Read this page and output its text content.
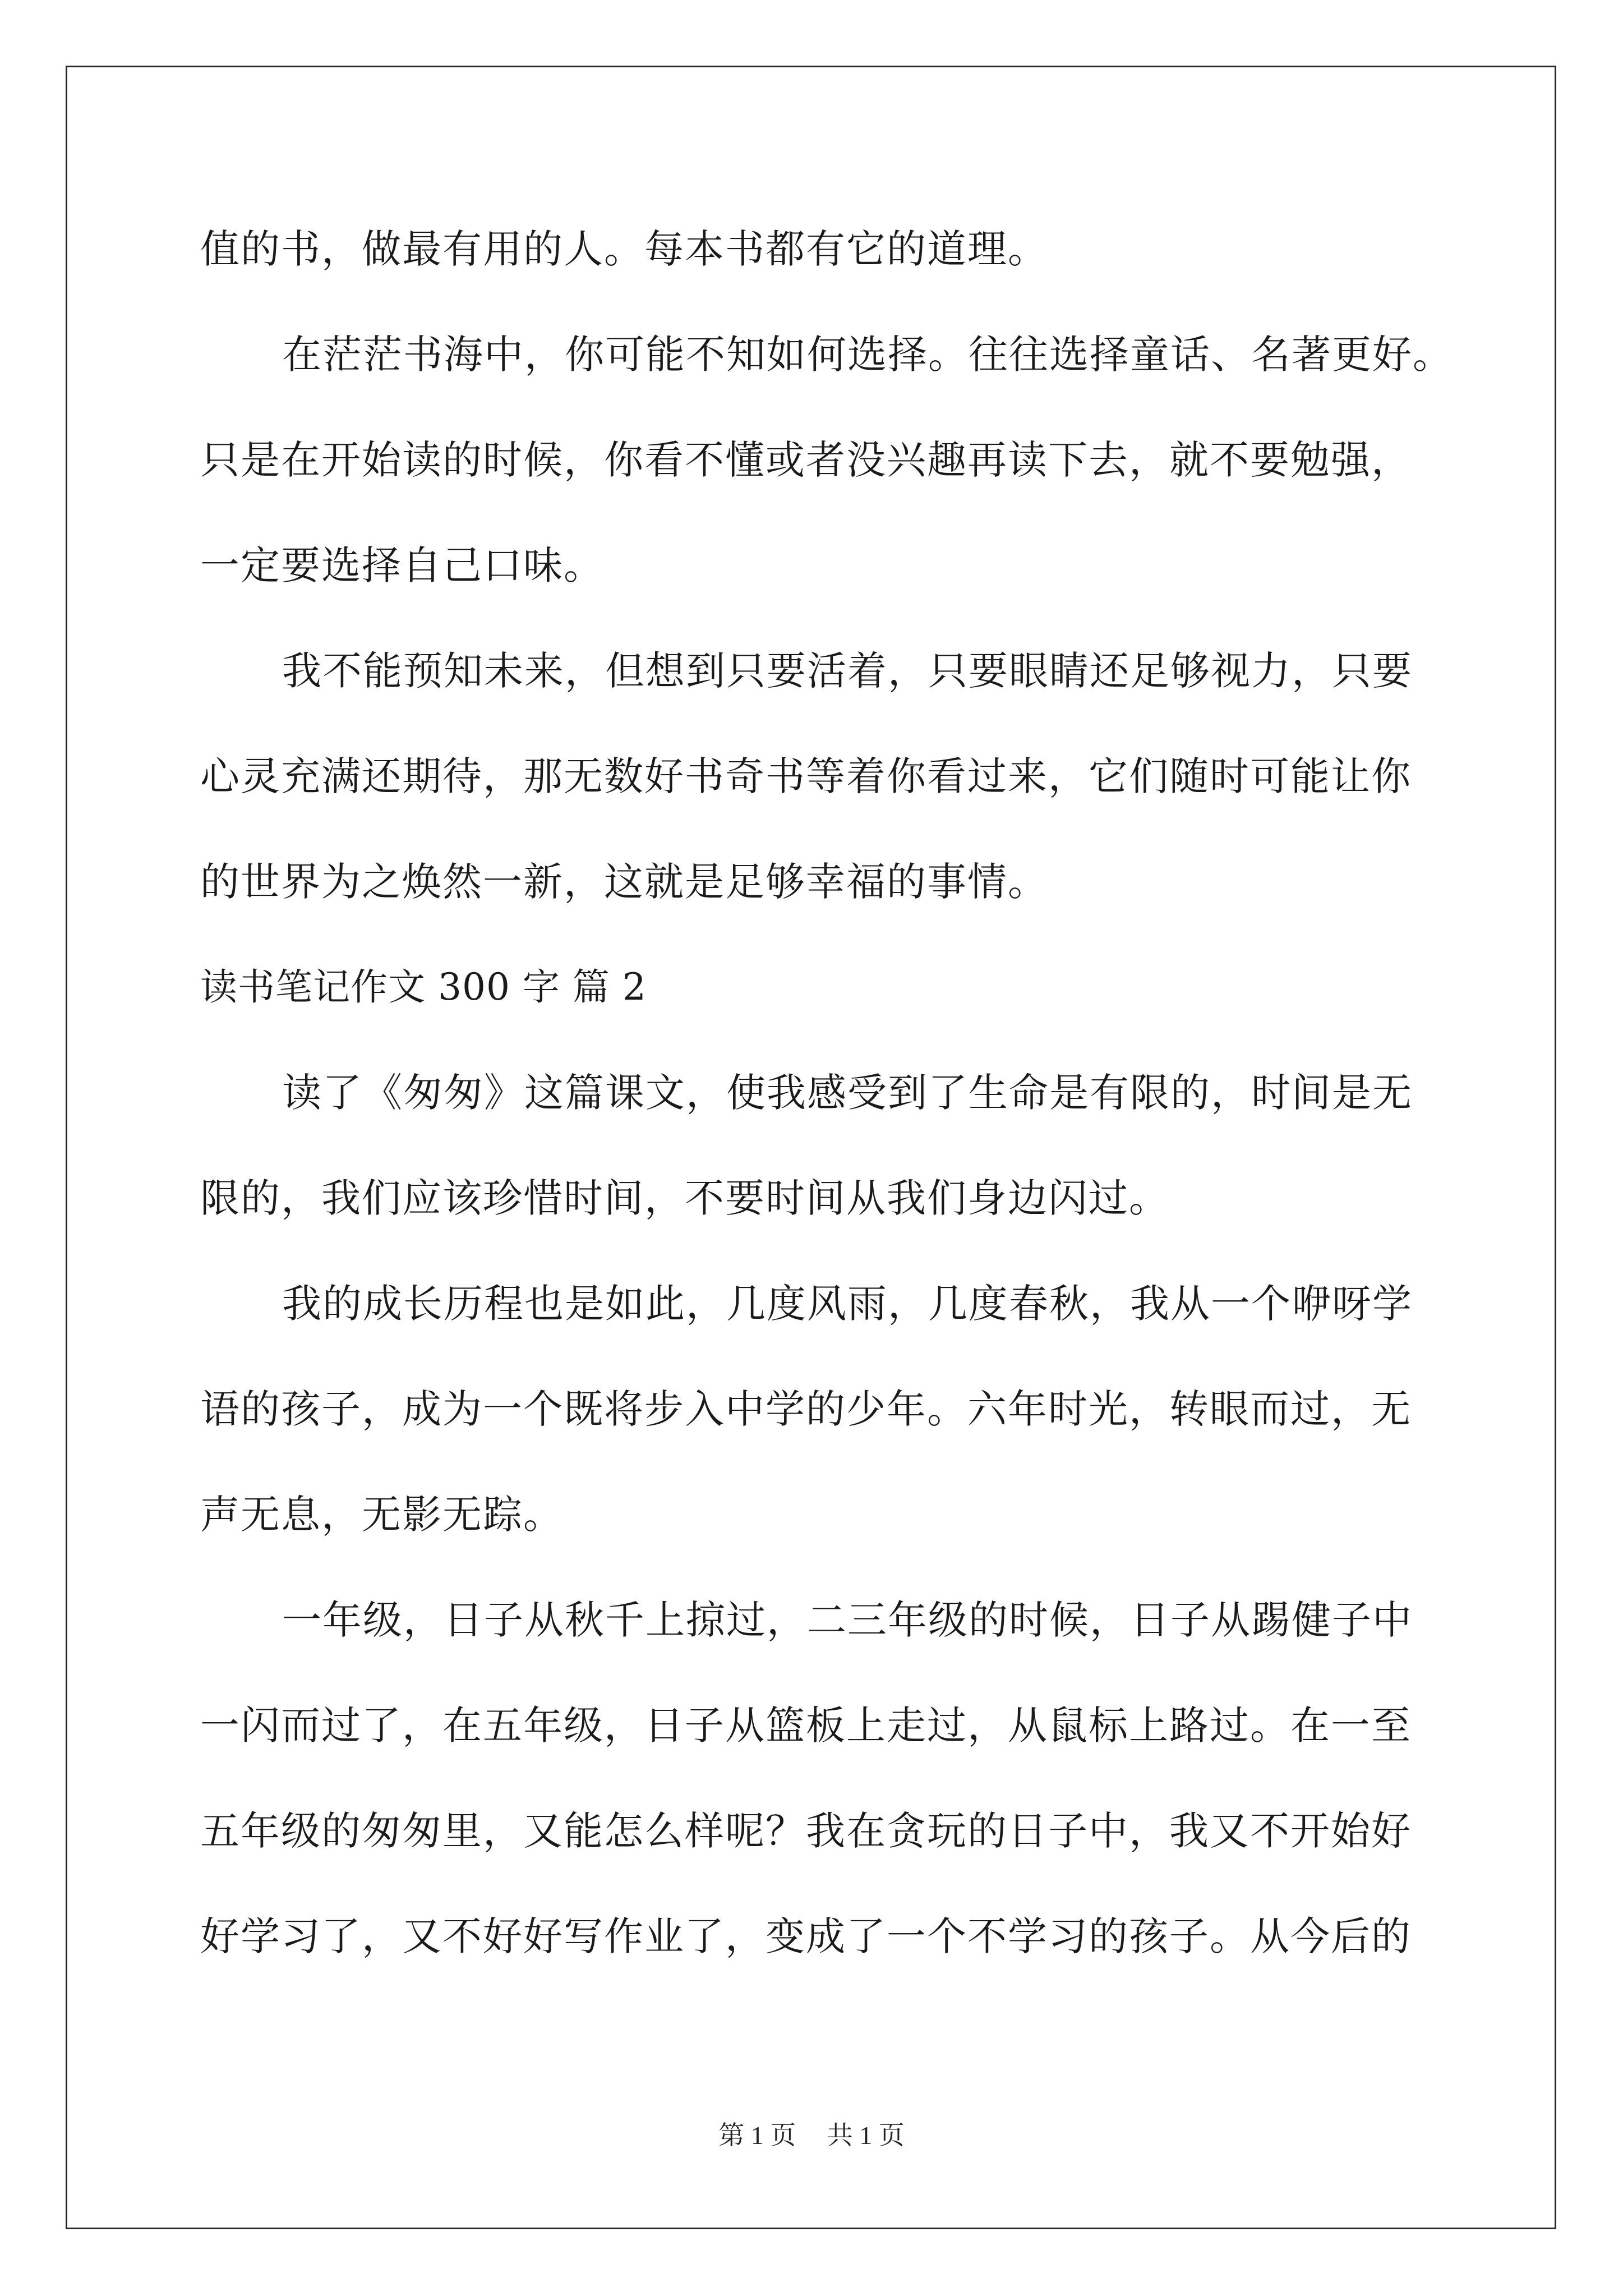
值的书，做最有用的人。每本书都有它的道理。
在茫茫书海中，你可能不知如何选择。往往选择童话、名著更好。
只是在开始读的时候，你看不懂或者没兴趣再读下去，就不要勉强，
一定要选择自己口味。
我不能预知未来，但想到只要活着，只要眼睛还足够视力，只要
心灵充满还期待，那无数好书奇书等着你看过来，它们随时可能让你
的世界为之焕然一新，这就是足够幸福的事情。
读书笔记作文 300 字 篇 2
读了《匆匆》这篇课文，使我感受到了生命是有限的，时间是无
限的，我们应该珍惜时间，不要时间从我们身边闪过。
我的成长历程也是如此，几度风雨，几度春秋，我从一个咿呀学
语的孩子，成为一个既将步入中学的少年。六年时光，转眼而过，无
声无息，无影无踪。
一年级，日子从秋千上掠过，二三年级的时候，日子从踢健子中
一闪而过了，在五年级，日子从篮板上走过，从鼠标上路过。在一至
五年级的匆匆里，又能怎么样呢？我在贪玩的日子中，我又不开始好
好学习了，又不好好写作业了，变成了一个不学习的孩子。从今后的
第 1 页 共 1 页
